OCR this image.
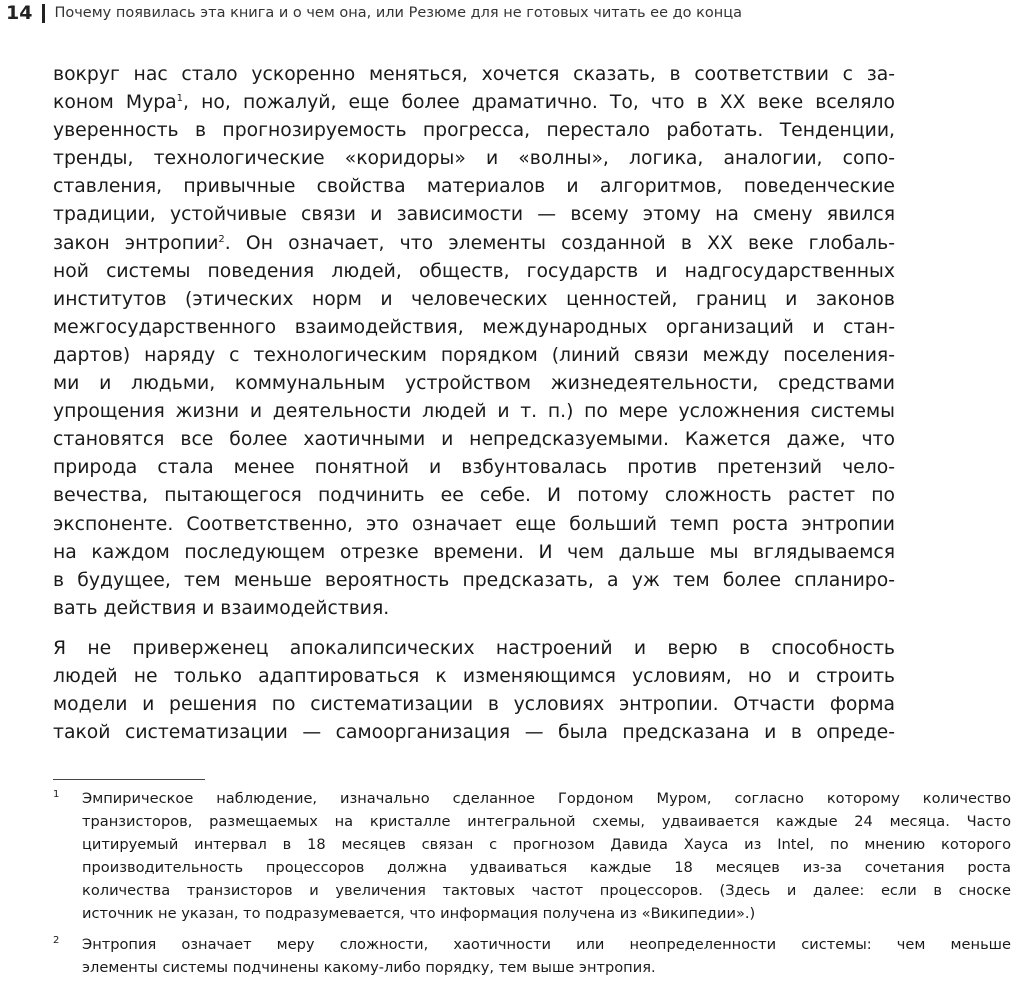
14 Почему появилась эта книга и о чем она, или Резюме для не готовых читать ее до конца

вокруг нас стало ускоренно меняться, хочется сказать, в соответствии с за-
коном Мура$^1$, но, пожалуй, еще более драматично. То, что в XX веке вселяло
уверенность в прогнозируемость прогресса, перестало работать. Тенденции,
тренды, технологические «коридоры» и «волны», логика, аналогии, сопо-
ставления, привычные свойства материалов и алгоритмов, поведенческие
традиции, устойчивые связи и зависимости — всему этому на смену явился
закон энтропии$^2$. Он означает, что элементы созданной в XX веке глобаль-
ной системы поведения людей, обществ, государств и надгосударственных
институтов (этических норм и человеческих ценностей, границ и законов
межгосударственного взаимодействия, международных организаций и стан-
дартов) наряду с технологическим порядком (линий связи между поселения-
ми и людьми, коммунальным устройством жизнедеятельности, средствами
упрощения жизни и деятельности людей и т. п.) по мере усложнения системы
становятся все более хаотичными и непредсказуемыми. Кажется даже, что
природа стала менее понятной и взбунтовалась против претензий чело-
вечества, пытающегося подчинить ее себе. И потому сложность растет по
экспоненте. Соответственно, это означает еще больший темп роста энтропии
на каждом последующем отрезке времени. И чем дальше мы вглядываемся
в будущее, тем меньше вероятность предсказать, а уж тем более спланиро-
вать действия и взаимодействия.

Я не приверженец апокалипсических настроений и верю в способность
людей не только адаптироваться к изменяющимся условиям, но и строить
модели и решения по систематизации в условиях энтропии. Отчасти форма
такой систематизации — самоорганизация — была предсказана и в опреде-

1 Эмпирическое наблюдение, изначально сделанное Гордоном Муром, согласно которому количество
транзисторов, размещаемых на кристалле интегральной схемы, удваивается каждые 24 месяца. Часто
цитируемый интервал в 18 месяцев связан с прогнозом Давида Хауса из Intel, по мнению которого
производительность процессоров должна удваиваться каждые 18 месяцев из-за сочетания роста
количества транзисторов и увеличения тактовых частот процессоров. (Здесь и далее: если в сноске
источник не указан, то подразумевается, что информация получена из «Википедии».)
2 Энтропия означает меру сложности, хаотичности или неопределенности системы: чем меньше
элементы системы подчинены какому-либо порядку, тем выше энтропия.
